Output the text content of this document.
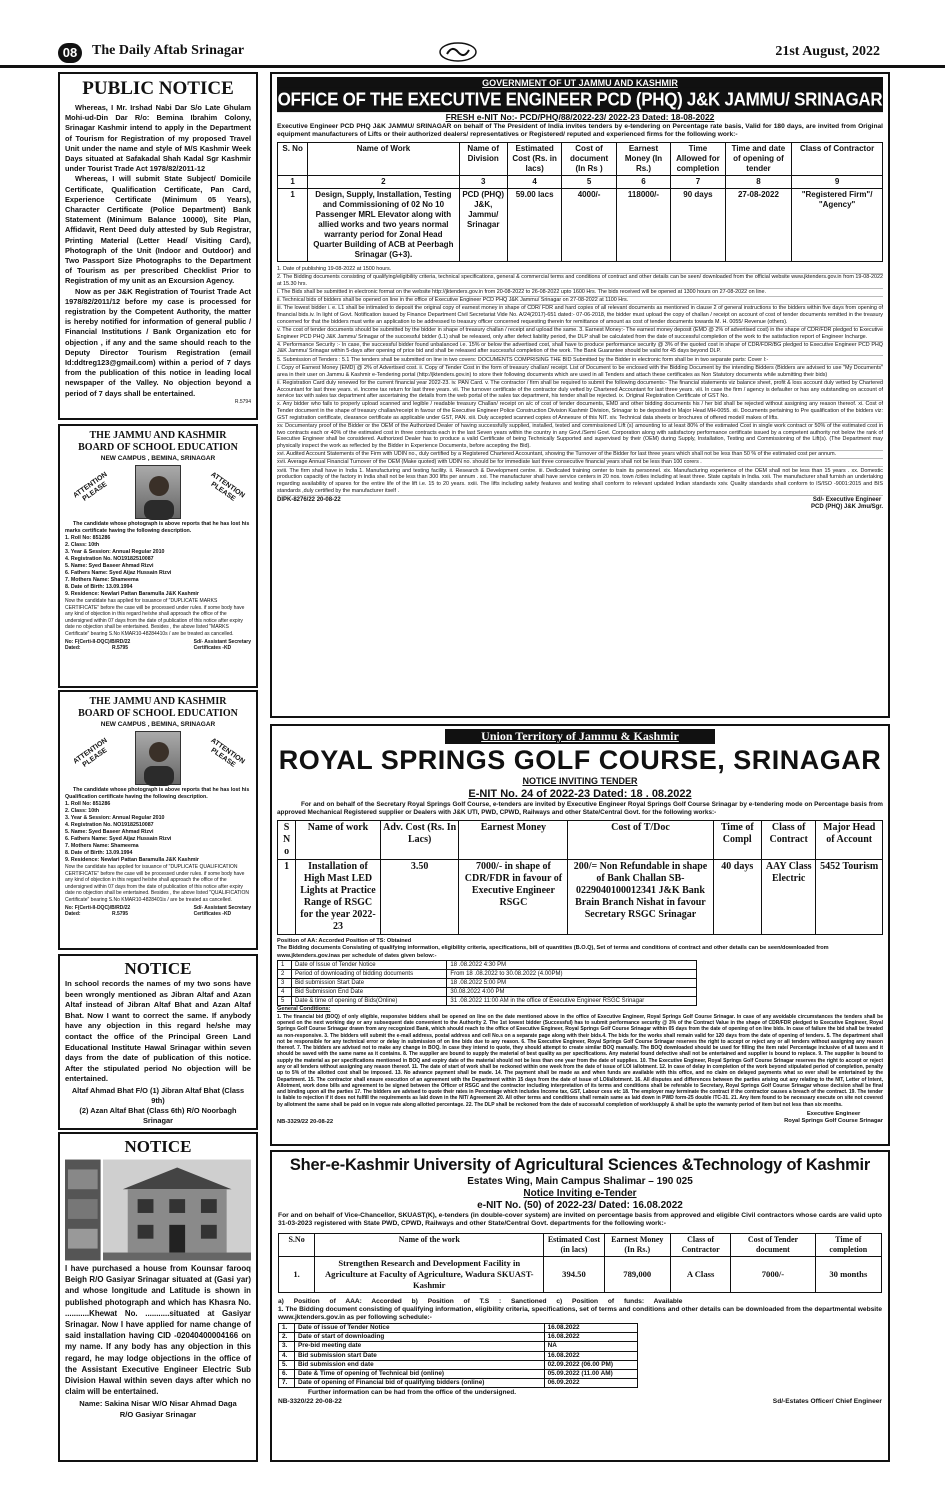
08	The Daily Aftab Srinagar	21st August, 2022
PUBLIC NOTICE
Whereas, I Mr. Irshad Nabi Dar S/o Late Ghulam Mohi-ud-Din Dar R/o: Bemina Ibrahim Colony, Srinagar Kashmir intend to apply in the Department of Tourism for Registration of my proposed Travel Unit under the name and style of M/S Kashmir Week Days situated at Safakadal Shah Kadal Sgr Kashmir under Tourist Trade Act 1978/82/2011-12
Whereas, I will submit State Subject/ Domicile Certificate, Qualification Certificate, Pan Card, Experience Certificate (Minimum 05 Years), Character Certificate (Police Department) Bank Statement (Minimum Balance 10000), Site Plan, Affidavit, Rent Deed duly attested by Sub Registrar, Printing Material (Letter Head/ Visiting Card), Photograph of the Unit (Indoor and Outdoor) and Two Passport Size Photographs to the Department of Tourism as per prescribed Checklist Prior to Registration of my unit as an Excursion Agency.
Now as per J&K Registration of Tourist Trade Act 1978/82/2011/12 before my case is processed for registration by the Competent Authority, the matter is hereby notified for information of general public / Financial Institutions / Bank Organization etc for objection , if any and the same should reach to the Deputy Director Tourism Registration (email Id:ddtreg123@gmail.com) within a period of 7 days from the publication of this notice in leading local newspaper of the Valley. No objection beyond a period of 7 days shall be entertained.
R.5794
THE JAMMU AND KASHMIR
BOARD OF SCHOOL EDUCATION
NEW CAMPUS , BEMINA, SRINAGAR
ATTENTION PLEASE	ATTENTION PLEASE
The candidate whose photograph is above reports that he has lost his marks certificate having the following description.
1. Roll No: 851286
2. Class: 10th
3. Year & Session: Annual Regular 2010
4. Registration No. NO19182510087
5. Name: Syed Baseer Ahmad Rizvi
6. Fathers Name: Syed Aijaz Hussain Rizvi
7. Mothers Name: Shameema
8. Date of Birth: 13.09.1994
9. Residence: Newlari Pattan Baramulla J&K Kashmir
Now the candidate has applied for issuance of "DUPLICATE MARKS CERTIFICATE" before the case will be processed under rules. if some body have any kind of objection in this regard he/she shall approach the office of the undersigned within 07 days from the date of publication of this notice after expiry date no objection shall be entertained. Besides , the above listed "MARKS Certificate" bearing S.No KMAR10-48284410s / are be treated as cancelled.
No: F(Certi-II-DQC)/B/RD/22
Dated:	R.5795
Sd/- Assistant Secretary
Certificates -KD
THE JAMMU AND KASHMIR
BOARD OF SCHOOL EDUCATION
NEW CAMPUS , BEMINA, SRINAGAR
ATTENTION PLEASE	ATTENTION PLEASE
The candidate whose photograph is above reports that he has lost his Qualification certificate having the following description.
1. Roll No: 851286
2. Class: 10th
3. Year & Session: Annual Regular 2010
4. Registration No. NO19182510087
5. Name: Syed Baseer Ahmad Rizvi
6. Fathers Name: Syed Aijaz Hussain Rizvi
7. Mothers Name: Shameema
8. Date of Birth: 13.09.1994
9. Residence: Newlari Pattan Baramulla J&K Kashmir
Now the candidate has applied for issuance of "DUPLICATE QUALIFICATION CERTIFICATE" before the case will be processed under rules. if some body have any kind of objection in this regard he/she shall approach the office of the undersigned within 07 days from the date of publication of this notice after expiry date no objection shall be entertained. Besides , the above listed "QUALIFICATION Certificate" bearing S.No KMAR10-4828401is / are be treated as cancelled.
No: F(Certi-II-DQC)/B/RD/22
Dated:	R.5795
Sd/- Assistant Secretary
Certificates -KD
NOTICE
In school records the names of my two sons have been wrongly mentioned as Jibran Altaf and Azan Altaf instead of Jibran Altaf Bhat and Azan Altaf Bhat. Now I want to correct the same. If anybody have any objection in this regard he/she may contact the office of the Principal Green Land Educational Institute Hawal Srinagar within seven days from the date of publication of this notice. After the stipulated period No objection will be entertained.
Altaf Ahmad Bhat F/O (1) Jibran Altaf Bhat (Class 9th)
(2) Azan Altaf Bhat (Class 6th) R/O Noorbagh Srinagar
NOTICE
I have purchased a house from Kounsar farooq Beigh R/O Gasiyar Srinagar situated at (Gasi yar) and whose longitude and Latitude is shown in published photograph and which has Khasra No. ...........Khewat No. ...........situated at Gasiyar Srinagar. Now I have applied for name change of said installation having CID -02040400004166 on my name. If any body has any objection in this regard, he may lodge objections in the office of the Assistant Executive Engineer Electric Sub Division Hawal within seven days after which no claim will be entertained.
Name: Sakina Nisar W/O Nisar Ahmad Daga
R/O Gasiyar Srinagar
GOVERNMENT OF UT JAMMU AND KASHMIR
OFFICE OF THE EXECUTIVE ENGINEER PCD (PHQ) J&K JAMMU/ SRINAGAR
FRESH e-NIT No:- PCD/PHQ/88/2022-23/ 2022-23 Dated: 18-08-2022
Executive Engineer PCD PHQ J&K JAMMU/ SRINAGAR on behalf of The President of India invites tenders by e-tendering on Percentage rate basis, Valid for 180 days, are invited from Original equipment manufacturers of Lifts or their authorized dealers/ representatives or Registered/ reputed and experienced firms for the following work:-
S. No	Name of Work	Name of Division	Estimated Cost (Rs. in lacs)	Cost of document (In Rs )	Earnest Money (In Rs.)	Time Allowed for completion	Time and date of opening of tender	Class of Contractor
1	2	3	4	5	6	7	8	9
1	Design, Supply, Installation, Testing and Commissioning of 02 No 10 Passenger MRL Elevator along with allied works and two years normal warranty period for Zonal Head Quarter Building of ACB at Peerbagh Srinagar (G+3).	PCD (PHQ) J&K, Jammu/ Srinagar	59.00 lacs	4000/-	118000/-	90 days	27-08-2022	"Registered Firm"/ "Agency"
1. Date of publishing 19-08-2022 at 1500 hours.
2. The Bidding documents consisting of qualifying/eligibility criteria, technical specifications, general & commercial terms and conditions of contract and other details can be seen/ downloaded from the official website www.jktenders.gov.in from 19-08-2022 at 15.30 hrs.
i. The Bids shall be submitted in electronic format on the website http://jktenders.gov.in from 20-08-2022 to 26-08-2022 upto 1600 Hrs. The bids received will be opened at 1300 hours on 27-08-2022 on line.
ii. Technical bids of bidders shall be opened on line in the office of Executive Engineer PCD PHQ J&K Jammu/ Srinagar on 27-08-2022 at 1100 Hrs.
iii. The lowest bidder i. e. L1 shall be intimated to deposit the original copy of earnest money in shape of CDR/ FDR and hard copies of all relevant documents as mentioned in clause 2 of general instructions to the bidders within five days from opening of financial bids.iv. In light of Govt. Notification issued by Finance Department Civil Secretariat Vide No. A/24(2017)-651 dated:- 07-06-2018, the bidder must upload the copy of challan / receipt on account of cost of tender documents remitted in the treasury concerned for that the bidders must write an application to be addressed to treasury officer concerned requesting therein for remittance of amount as cost of tender documents towards M. H. 0055/ Revenue (others).
v. The cost of tender documents should be submitted by the bidder in shape of treasury challan / receipt and upload the same. 3. Earnest Money:- The earnest money deposit (EMD @ 2% of advertised cost) in the shape of CDR/FDR pledged to Executive Engineer PCD PHQ J&K Jammu/ Srinagar of the successful bidder (L1) shall be released, only after defect liability period, the DLP shall be calculated from the date of successful completion of the work to the satisfaction report of Engineer Incharge.
4. Performance Security :- In case, the successful bidder found unbalanced i.e. 15% or below the advertised cost, shall have to produce performance security @ 3% of the quoted cost in shape of CDR/FDR/BG pledged to Executive Engineer PCD PHQ J&K Jammu/ Srinagar within 5-days after opening of price bid and shall be released after successful completion of the work. The Bank Guarantee should be valid for 45 days beyond DLP.
5. Submission of Tenders : 5.1 The tenders shall be submitted on line in two covers: DOCUMENTS COMPRISING THE BID Submitted by the Bidder in electronic form shall be in two separate parts: Cover I:-
i. Copy of Earnest Money (EMD) @ 2% of Advertised cost. ii. Copy of Tender Cost in the form of treasury challan/ receipt. List of Document to be enclosed with the Bidding Document by the intending Bidders (Bidders are advised to use "My Documents" area in their user on Jammu & Kashmir e-Tendering portal (http://jktenders.gov.in) to store their following documents which are used in all Tenders and attach these certificates as Non Statutory documents while submitting their bids)
ii. Registration Card duly renewed for the current financial year 2022-23. iv. PAN Card. v. The contractor / firm shall be required to submit the following documents:- The financial statements viz balance sheet, profit & loss account duly vetted by Chartered Accountant for last three years. vi. Income tax return for last three years. vii. The turnover certificate of the contractor duly vetted by Chartered Accountant for last three years. viii. In case the firm / agency is defaulter or has any outstanding on account of service tax with sales tax department after ascertaining the details from the web portal of the sales tax department, his tender shall be rejected. ix. Original Registration Certificate of GST No.
x. Any bidder who fails to properly upload scanned and legible / readable treasury Challan/ receipt on a/c of cost of tender documents, EMD and other bidding documents his / her bid shall be rejected without assigning any reason thereof. xi. Cost of Tender document in the shape of treasury challan/receipt in favour of the Executive Engineer Police Construction Division Kashmir Division, Srinagar to be deposited in Major Head MH-0055. xii. Documents pertaining to Pre qualification of the bidders viz: GST registration certificate, clearance certificate as applicable under GST, PAN. xiii. Duly accepted scanned copies of Annexure of this NIT. xiv. Technical data sheets or brochures of offered model/ makes of lifts.
xv. Documentary proof of the Bidder or the OEM of the Authorized Dealer of having successfully supplied, installed, tested and commissioned Lift (s) amounting to at least 80% of the estimated Cost in single work contract or 50% of the estimated cost in two contracts each or 40% of the estimated cost in three contracts each in the last Seven years within the country in any Govt./Semi Govt. Corporation along with satisfactory performance certificate issued by a competent authority not below the rank of Executive Engineer shall be considered. Authorized Dealer has to produce a valid Certificate of being Technically Supported and supervised by their (OEM) during Supply, Installation, Testing and Commissioning of the Lift(s). (The Department may physically inspect the work as reflected by the Bidder in Experience Documents, before accepting the Bid).
xvi. Audited Account Statements of the Firm with UDIN no., duly certified by a Registered Chartered Accountant, showing the Turnover of the Bidder for last three years which shall not be less than 50 % of the estimated cost per annum.
xvii. Average Annual Financial Turnover of the OEM (Make quoted) with UDIN no. should be for immediate last three consecutive financial years shall not be less than 100 corers .
xviii. The firm shall have in India 1. Manufacturing and testing facility. ii. Research & Development centre. iii. Dedicated training center to train its personnel. xix. Manufacturing experience of the OEM shall not be less than 15 years . xx. Domestic production capacity of the factory in India shall not be less than 300 lifts per annum . xxi. The manufacturer shall have service centers in 20 nos. town /cities including at least three. State capitals in India. xxii. The manufacturer shall furnish an undertaking regarding availability of spares for the entire life of the lift i.e. 15 to 20 years. xxiii. The lifts including safety features and testing shall conform to relevant updated Indian standards xxiv. Quality standards shall conform to IS/ISO -9001:2015 and BIS standards ,duly certified by the manufacturer itself .
DIPK-8276/22 20-08-22	Sd/- Executive Engineer
PCD (PHQ) J&K Jmu/Sgr.
Union Territory of Jammu & Kashmir
ROYAL SPRINGS GOLF COURSE, SRINAGAR
NOTICE INVITING TENDER
E-NIT No. 24 of 2022-23 Dated: 18 . 08.2022
For and on behalf of the Secretary Royal Springs Golf Course, e-tenders are invited by Executive Engineer Royal Springs Golf Course Srinagar by e-tendering mode on Percentage basis from approved Mechanical Registered supplier or Dealers with J&K UTI, PWD, CPWD, Railways and other State/Central Govt. for the following works:-
S N o	Name of work	Adv. Cost (Rs. In Lacs)	Earnest Money	Cost of T/Doc	Time of Compl	Class of Contract	Major Head of Account
1	Installation of High Mast LED Lights at Practice Range of RSGC for the year 2022-23	3.50	7000/- in shape of CDR/FDR in favour of Executive Engineer RSGC	200/= Non Refundable in shape of Bank Challan SB-0229040100012341 J&K Bank Brain Branch Nishat in favour Secretary RSGC Srinagar	40 days	AAY Class Electric	5452 Tourism
Position of AA: Accorded Position of TS: Obtained
The Bidding documents Consisting of qualifying information, eligibility criteria, specifications, bill of quantities (B.O.Q), Set of terms and conditions of contract and other details can be seen/downloaded from www.jktenders.gov.inas per schedule of dates given below:-
1	Date of Issue of Tender Notice	18 .08.2022 4:30 PM
2	Period of downloading of bidding documents	From 18 .08.2022 to 30.08.2022 (4.00PM)
3	Bid submission Start Date	18 .08.2022 5:00 PM
4	Bid Submission End Date	30.08.2022 4:00 PM
5	Date & time of opening of Bids(Online)	31 .08.2022 11:00 AM in the office of Executive Engineer RSGC Srinagar
General Conditions:
1. The financial bid (BOQ) of only eligible, responsive bidders shall be opened on line on the date mentioned above in the office of Executive Engineer, Royal Springs Golf Course Srinagar. In case of any avoidable circumstances the tenders shall be opened on the next working day or any subsequent date convenient to the Authority 2. The 1st lowest bidder (Successful) has to submit performance security @ 3% of the Contract Value in the shape of CDR/FDR pledged to Executive Engineer, Royal Springs Golf Course Srinagar drawn from any recognized Bank, which should reach to the office of Executive Engineer, Royal Springs Golf Course Srinagar within 05 days from the date of opening of on line bids. In case of failure the bid shall be treated as non-responsive. 3. The bidders will submit the e-mail address, postal address and cell No.s on a separate page along with their bids.4. The bids for the works shall remain valid for 120 days from the date of opening of tenders. 5. The department shall not be responsible for any technical error or delay in submission of on line bids due to any reason. 6. The Executive Engineer, Royal Springs Golf Course Srinagar reserves the right to accept or reject any or all tenders without assigning any reason thereof. 7. The bidders are advised not to make any change in BOQ. In case they intend to quote, they should attempt to create similar BOQ manually. The BOQ downloaded should be used for filling the item rate/ Percentage inclusive of all taxes and it should be saved with the same name as it contains. 8. The supplier are bound to supply the material of best quality as per specifications. Any material found defective shall not be entertained and supplier is bound to replace. 9. The supplier is bound to supply the material as per specifications mentioned in BOQ and expiry date of the material should not be less than one year from the date of supplies. 10. The Executive Engineer, Royal Springs Golf Course Srinagar reserves the right to accept or reject any or all tenders without assigning any reason thereof. 11. The date of start of work shall be reckoned within one week from the date of issue of LOI /allotment. 12. In case of delay in completion of the work beyond stipulated period of completion, penalty up to 5% of the allotted cost shall be imposed. 13. No advance payment shall be made. 14. The payment shall be made as and when funds are available with this office, and no claim on delayed payments what so ever shall be entertained by the Department. 15. The contractor shall ensure execution of an agreement with the Department within 15 days from the date of issue of LOI/allotment. 16. All disputes and differences between the parties arising out any relating to the NIT, Letter of Intent, Allotment, work done bills and agreement to be signed between the Officer of RSGC and the contractor including interpretation of its terms and conditions shall be referable to Secretary, Royal Springs Golf Course Srinagar whose decision shall be final and binding upon all the parties 17. The bidders are advised to quote their rates in Percentage which includes Income tax, GST, Labour cess etc 18. The employer may terminate the contract if the contractor causes a breach of the contract. 19. The tender is liable to rejection if it does not fulfill the requirements as laid down in the NIT/ Agreement 20. All other terms and conditions shall remain same as laid down in PWD form-25 double /TC-31. 21. Any item found to be necessary execute on site not covered by allotment the same shall be paid on in vogue rate along allotted percentage. 22. The DLP shall be reckoned from the date of successful completion of work/supply & shall be upto the warranty period of item but not less than six months.
NB-3329/22 20-08-22
Executive Engineer
Royal Springs Golf Course Srinagar
Sher-e-Kashmir University of Agricultural Sciences &Technology of Kashmir
Estates Wing, Main Campus Shalimar – 190 025
Notice Inviting e-Tender
e-NIT No. (50) of 2022-23/ Dated: 16.08.2022
For and on behalf of Vice-Chancellor, SKUAST(K), e-tenders (in double-cover system) are invited on percentage basis from approved and eligible Civil contractors whose cards are valid upto 31-03-2023 registered with State PWD, CPWD, Railways and other State/Central Govt. departments for the following work:-
S.No	Name of the work	Estimated Cost (in lacs)	Earnest Money (In Rs.)	Class of Contractor	Cost of Tender document	Time of completion
1.	Strengthen Research and Development Facility in Agriculture at Faculty of Agriculture, Wadura SKUAST-Kashmir	394.50	789,000	A Class	7000/-	30 months
a) Position of AAA: Accorded b) Position of T.S : Sanctioned c) Position of funds: Available
1. The Bidding document consisting of qualifying information, eligibility criteria, specifications, set of terms and conditions and other details can be downloaded from the departmental website www.jktenders.gov.in as per following schedule:-
1.	Date of issue of Tender Notice	16.08.2022
2.	Date of start of downloading	16.08.2022
3.	Pre-bid meeting date	NA
4.	Bid submission start Date	16.08.2022
5.	Bid submission end date	02.09.2022 (06.00 PM)
6.	Date & Time of opening of Technical bid (online)	05.09.2022 (11.00 AM)
7.	Date of opening of Financial bid of qualifying bidders (online)	06.09.2022
Further information can be had from the office of the undersigned.
NB-3320/22 20-08-22	Sd/-Estates Officer/ Chief Engineer
